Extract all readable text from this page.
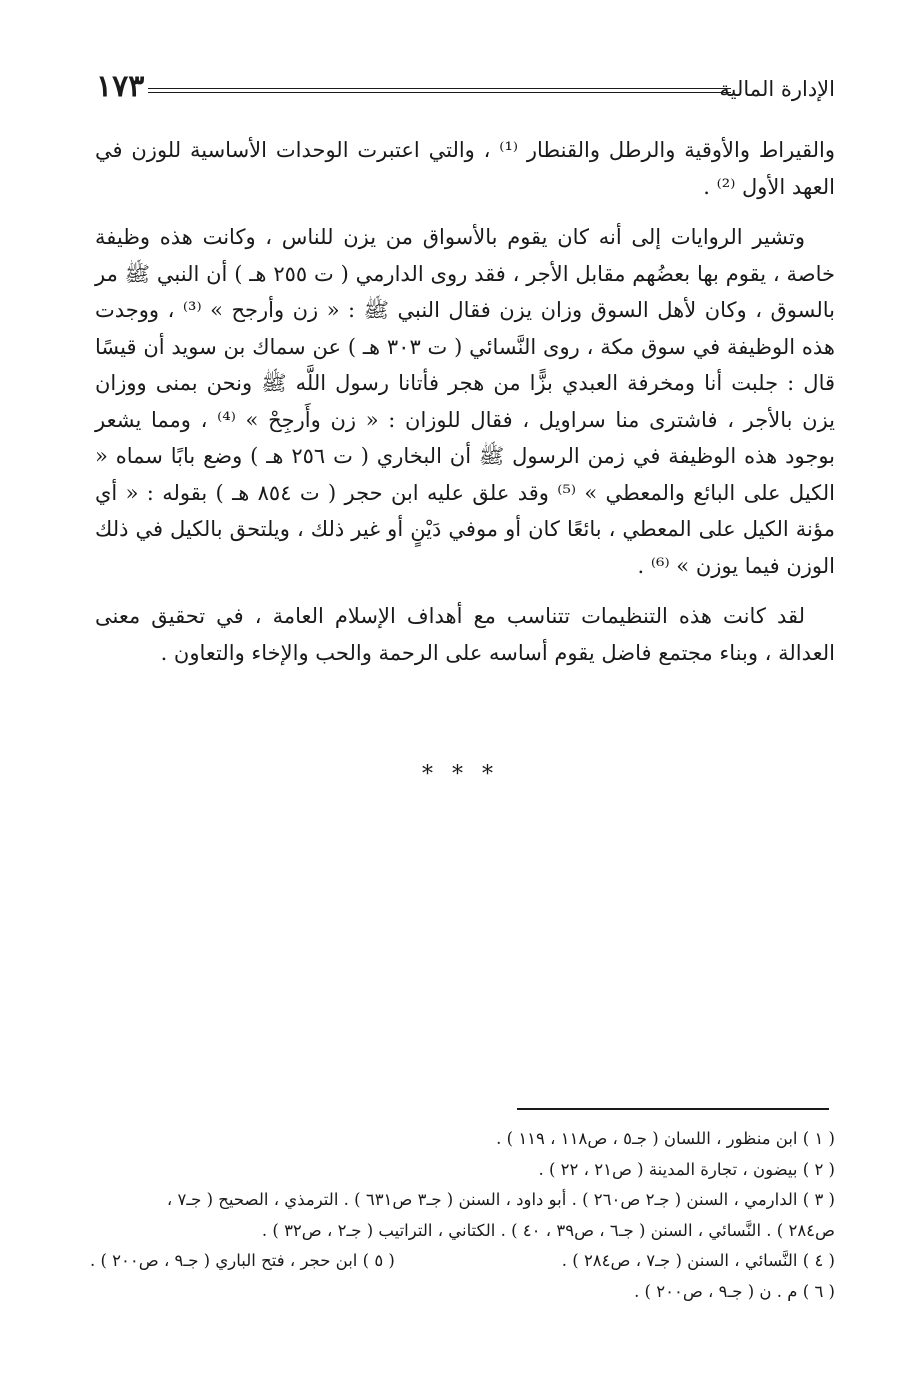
الإدارة المالية
١٧٣

والقيراط والأوقية والرطل والقنطار ⁽¹⁾ ، والتي اعتبرت الوحدات الأساسية للوزن في العهد الأول ⁽²⁾ .

وتشير الروايات إلى أنه كان يقوم بالأسواق من يزن للناس ، وكانت هذه وظيفة خاصة ، يقوم بها بعضُهم مقابل الأجر ، فقد روى الدارمي ( ت ٢٥٥ هـ ) أن النبي ﷺ مر بالسوق ، وكان لأهل السوق وزان يزن فقال النبي ﷺ : « زن وأرجح » ⁽³⁾ ، ووجدت هذه الوظيفة في سوق مكة ، روى النَّسائي ( ت ٣٠٣ هـ ) عن سماك بن سويد أن قيسًا قال : جلبت أنا ومخرفة العبدي بزًّا من هجر فأتانا رسول اللَّه ﷺ ونحن بمنى ووزان يزن بالأجر ، فاشترى منا سراويل ، فقال للوزان : « زن وأَرجِحْ » ⁽⁴⁾ ، ومما يشعر بوجود هذه الوظيفة في زمن الرسول ﷺ أن البخاري ( ت ٢٥٦ هـ ) وضع بابًا سماه « الكيل على البائع والمعطي » ⁽⁵⁾ وقد علق عليه ابن حجر ( ت ٨٥٤ هـ ) بقوله : « أي مؤنة الكيل على المعطي ، بائعًا كان أو موفي دَيْنٍ أو غير ذلك ، ويلتحق بالكيل في ذلك الوزن فيما يوزن » ⁽⁶⁾ .

لقد كانت هذه التنظيمات تتناسب مع أهداف الإسلام العامة ، في تحقيق معنى العدالة ، وبناء مجتمع فاضل يقوم أساسه على الرحمة والحب والإخاء والتعاون .

* * *
( ١ ) ابن منظور ، اللسان ( جـ٥ ، ص١١٨ ، ١١٩ ) .
( ٢ ) بيضون ، تجارة المدينة ( ص٢١ ، ٢٢ ) .
( ٣ ) الدارمي ، السنن ( جـ٢ ص٢٦٠ ) . أبو داود ، السنن ( جـ٣ ص٦٣١ ) . الترمذي ، الصحيح ( جـ٧ ،
ص٢٨٤ ) . النَّسائي ، السنن ( جـ٦ ، ص٣٩ ، ٤٠ ) . الكتاني ، التراتيب ( جـ٢ ، ص٣٢ ) .
( ٤ ) النَّسائي ، السنن ( جـ٧ ، ص٢٨٤ ) .
( ٥ ) ابن حجر ، فتح الباري ( جـ٩ ، ص٢٠٠ ) .
( ٦ ) م . ن ( جـ٩ ، ص٢٠٠ ) .
